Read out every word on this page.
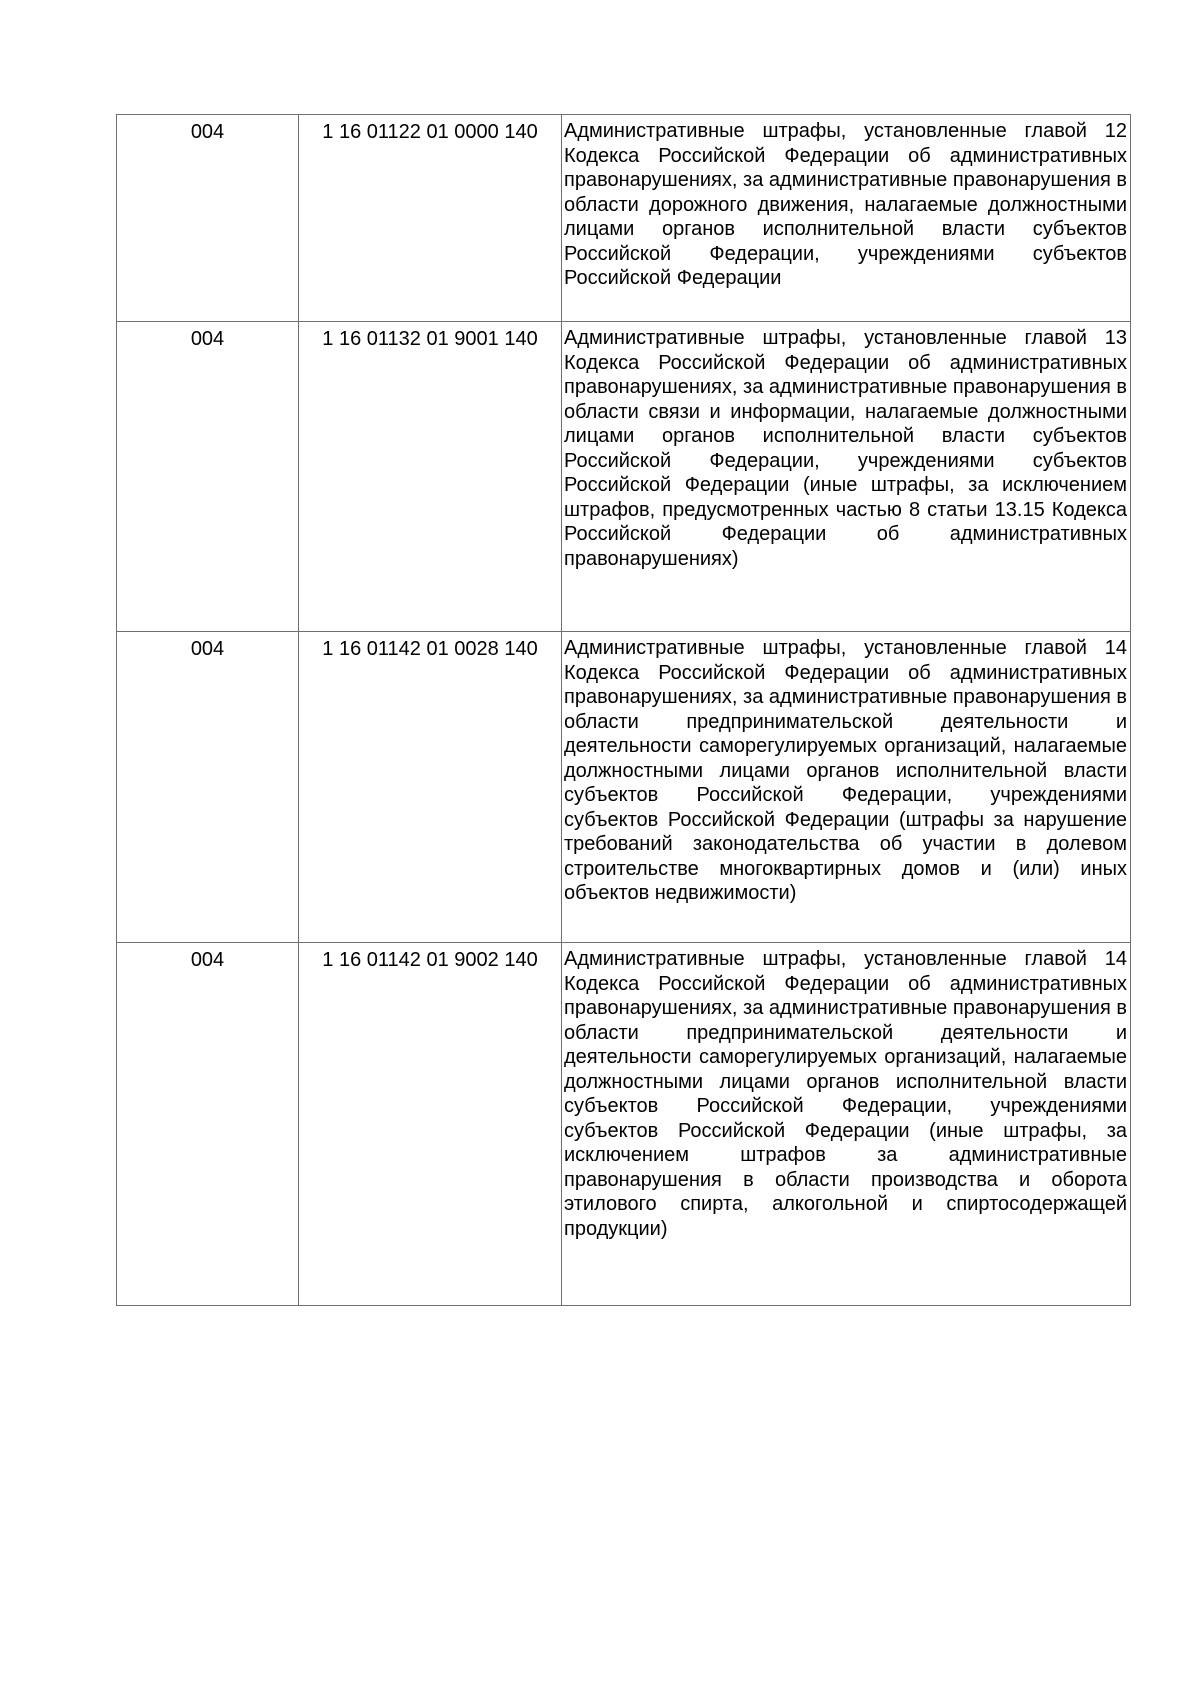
004	1 16 01122 01 0000 140	Административные штрафы, установленные главой 12 Кодекса Российской Федерации об административных правонарушениях, за административные правонарушения в области дорожного движения, налагаемые должностными лицами органов исполнительной власти субъектов Российской Федерации, учреждениями субъектов Российской Федерации

004	1 16 01132 01 9001 140	Административные штрафы, установленные главой 13 Кодекса Российской Федерации об административных правонарушениях, за административные правонарушения в области связи и информации, налагаемые должностными лицами органов исполнительной власти субъектов Российской Федерации, учреждениями субъектов Российской Федерации (иные штрафы, за исключением штрафов, предусмотренных частью 8 статьи 13.15 Кодекса Российской Федерации об административных правонарушениях)

004	1 16 01142 01 0028 140	Административные штрафы, установленные главой 14 Кодекса Российской Федерации об административных правонарушениях, за административные правонарушения в области предпринимательской деятельности и деятельности саморегулируемых организаций, налагаемые должностными лицами органов исполнительной власти субъектов Российской Федерации, учреждениями субъектов Российской Федерации (штрафы за нарушение требований законодательства об участии в долевом строительстве многоквартирных домов и (или) иных объектов недвижимости)

004	1 16 01142 01 9002 140	Административные штрафы, установленные главой 14 Кодекса Российской Федерации об административных правонарушениях, за административные правонарушения в области предпринимательской деятельности и деятельности саморегулируемых организаций, налагаемые должностными лицами органов исполнительной власти субъектов Российской Федерации, учреждениями субъектов Российской Федерации (иные штрафы, за исключением штрафов за административные правонарушения в области производства и оборота этилового спирта, алкогольной и спиртосодержащей продукции)
